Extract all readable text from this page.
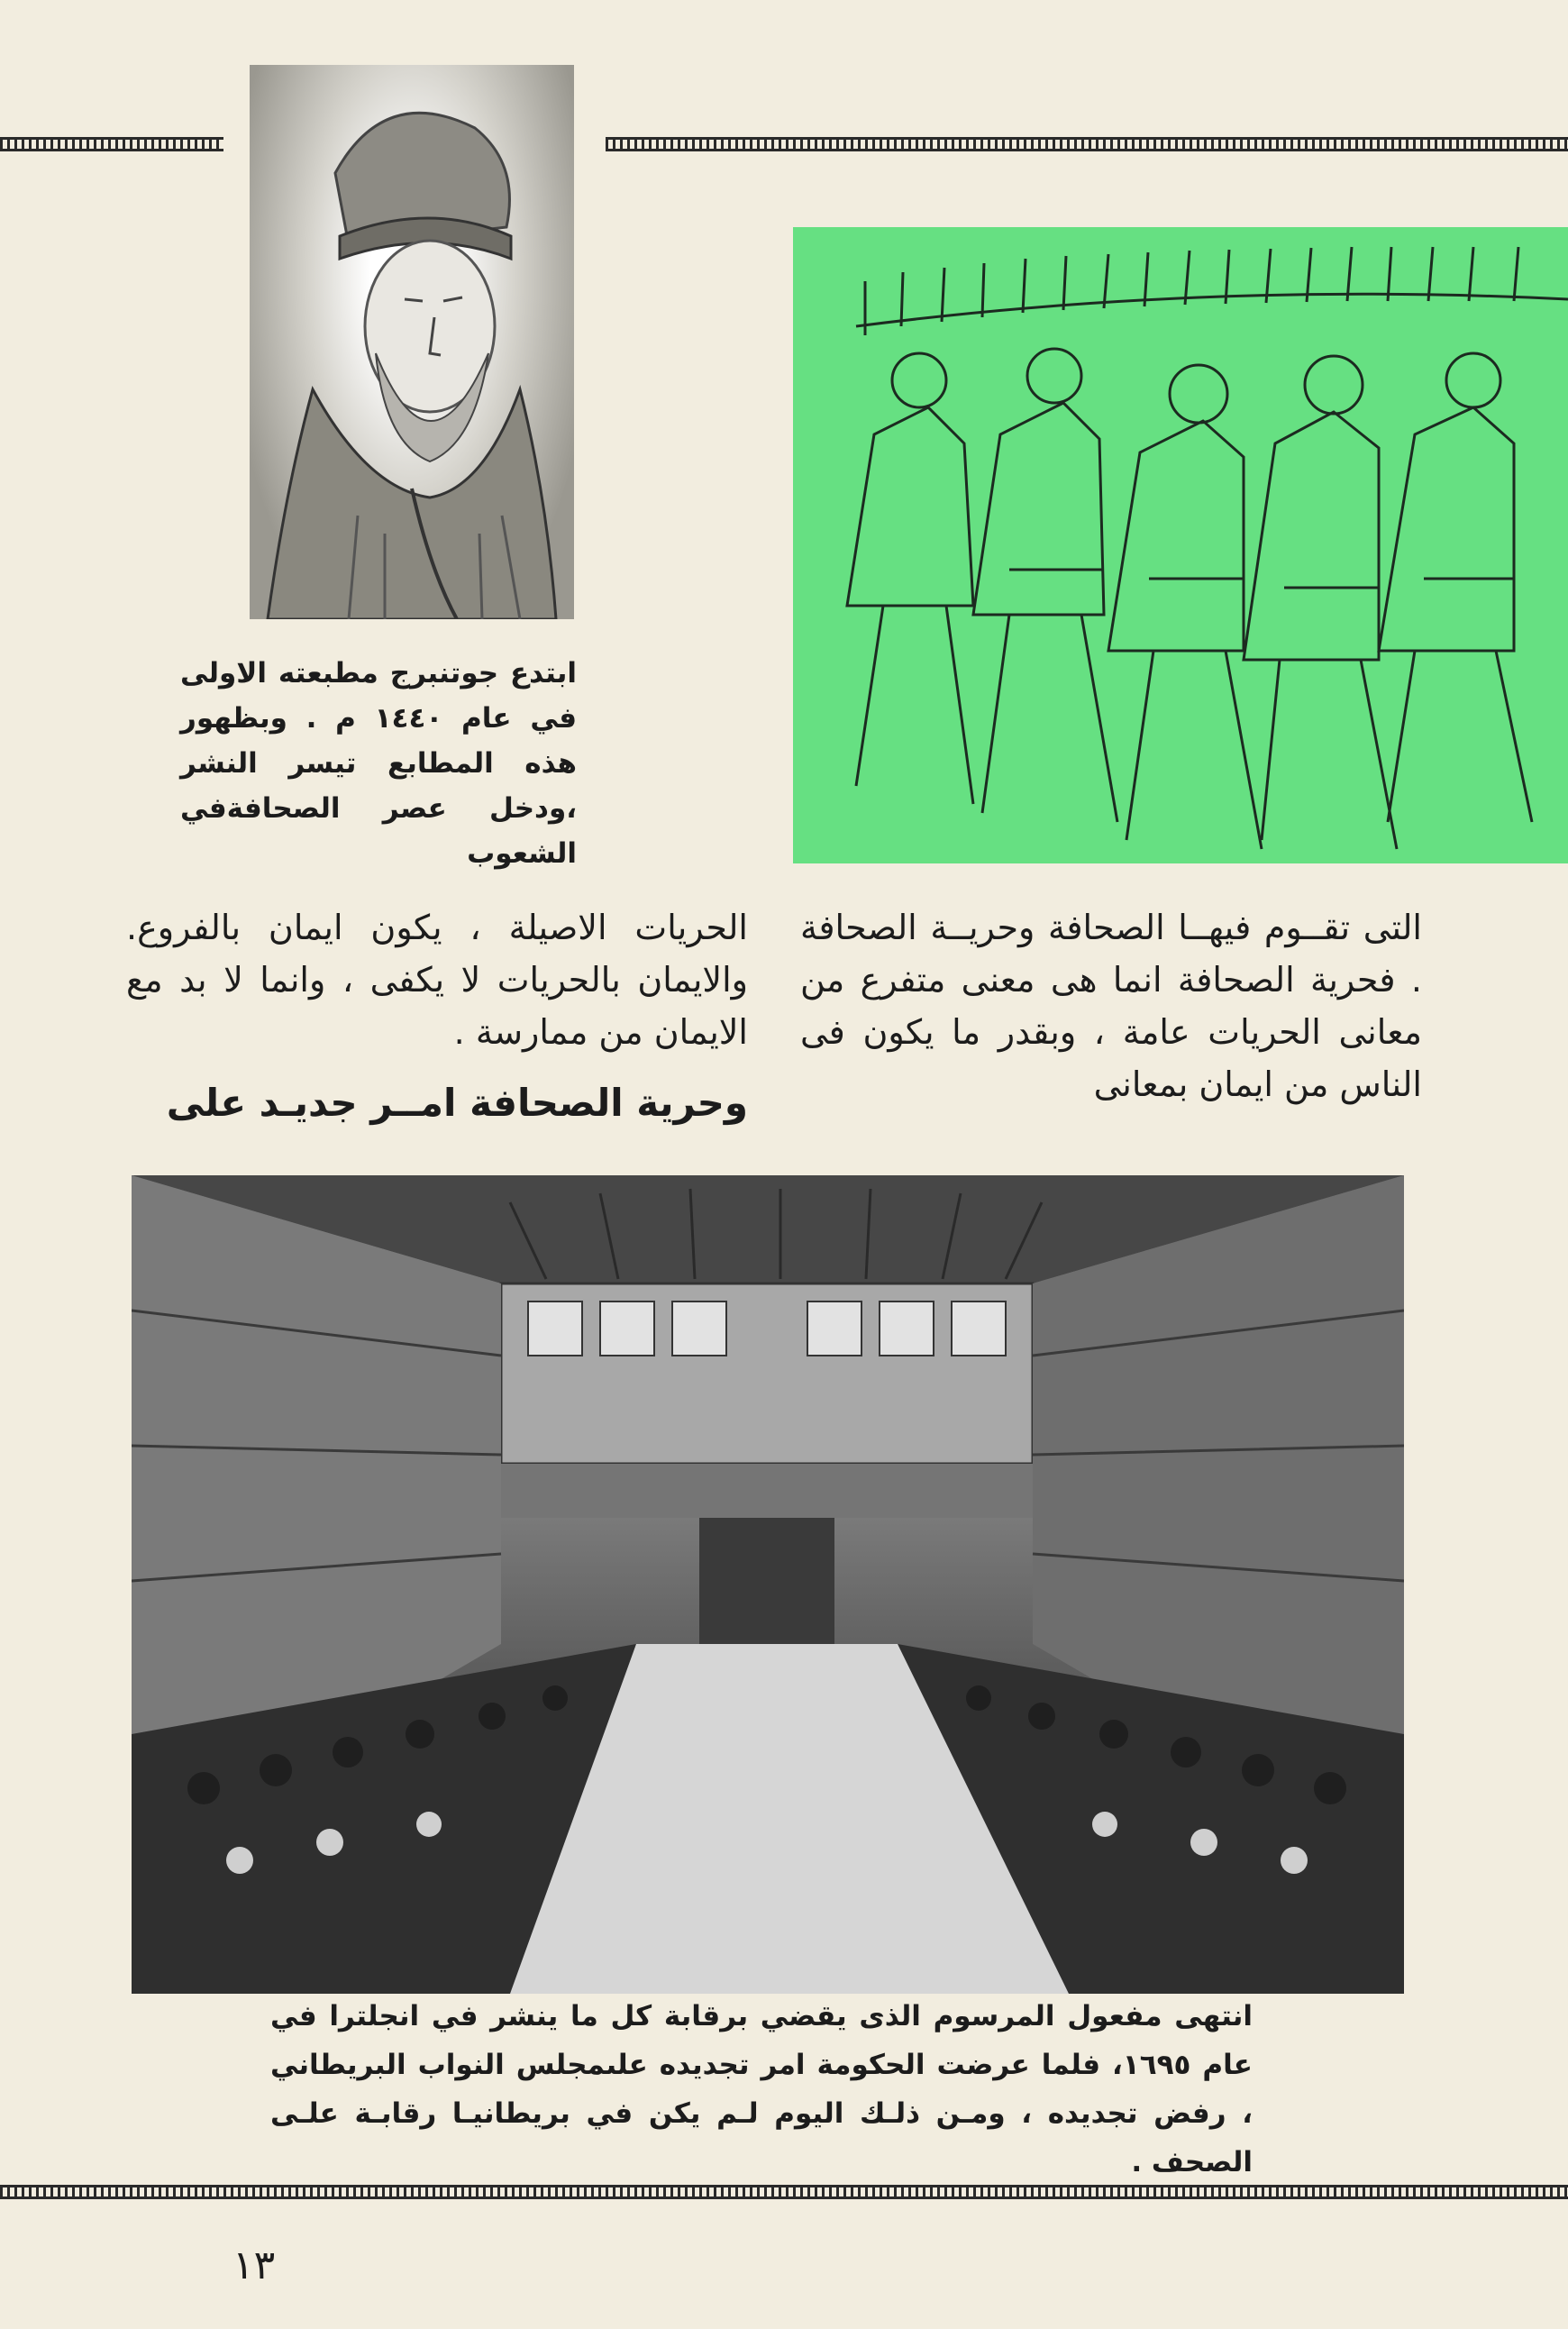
ابتدع جوتنبرج مطبعته الاولى في عام ١٤٤٠ م . وبظهور هذه المطابع تيسر النشر ،ودخل عصر الصحافةفي الشعوب

التى تقــوم فيهــا الصحافة وحريــة الصحافة . فحرية الصحافة انما هى معنى متفرع من معانى الحريات عامة ، وبقدر ما يكون فى الناس من ايمان بمعانى

الحريات الاصيلة ، يكون ايمان بالفروع. والايمان بالحريات لا يكفى ، وانما لا بد مع الايمان من ممارسة .

وحرية الصحافة امــر جديـد على

انتهى مفعول المرسوم الذى يقضي برقابة كل ما ينشر في انجلترا في عام ١٦٩٥، فلما عرضت الحكومة امر تجديده علىمجلس النواب البريطاني ، رفض تجديده ، ومـن ذلـك اليوم لـم يكن في بريطانيـا رقابـة علـى الصحف .

١٣
